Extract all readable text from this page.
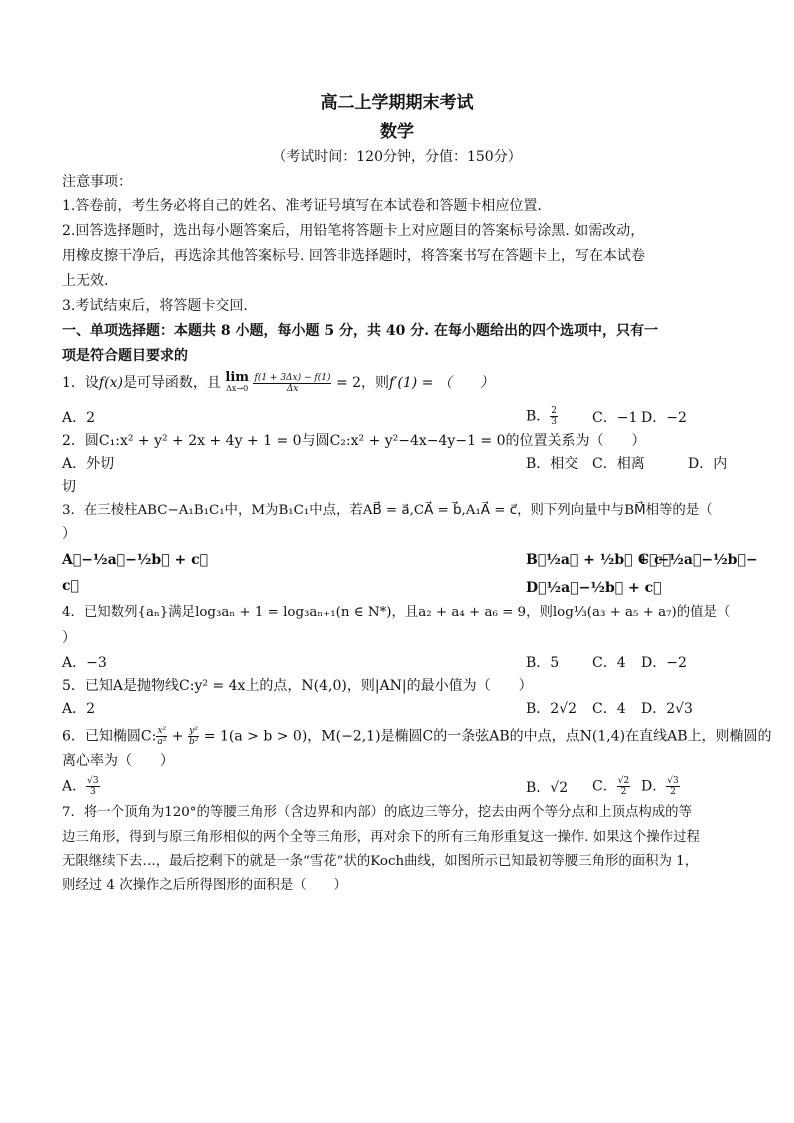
高二上学期期末考试
数学
（考试时间：120分钟，分值：150分）
注意事项：
1.答卷前，考生务必将自己的姓名、准考证号填写在本试卷和答题卡相应位置.
2.回答选择题时，选出每小题答案后，用铅笔将答题卡上对应题目的答案标号涂黑. 如需改动，
用橡皮擦干净后，再选涂其他答案标号. 回答非选择题时，将答案书写在答题卡上，写在本试卷
上无效.
3.考试结束后，将答题卡交回.
一、单项选择题：本题共 8 小题，每小题 5 分，共 40 分. 在每小题给出的四个选项中，只有一
项是符合题目要求的
1．设f(x)是可导函数，且 lim
Δx→0
$\frac{f(1 + 3\Delta x) - f(1)}{\Delta x} = 2$，则f′(1) = （　　）
A．2	B． $\frac{2}{3}$ C．−1 D．−2
2．圆C₁:x² + y² + 2x + 4y + 1 = 0与圆C₂:x² + y²−4x−4y−1 = 0的位置关系为（　　）
A．外切	B．相交 C．相离	D．内
切
3．在三棱柱ABC−A₁B₁C₁中，M为B₁C₁中点，若AB⃗ = a⃗,CA⃗ = b⃗,A₁A⃗ = c⃗，则下列向量中与BM⃗相等的是（
）
A．−½a⃗−½b⃗ + c⃗	B．½a⃗ + ½b⃗ + c⃗
C．−½a⃗−½b⃗−
c⃗	D．½a⃗−½b⃗ + c⃗
4．已知数列{aₙ}满足log₃aₙ + 1 = log₃aₙ₊₁(n ∈ N*)，且a₂ + a₄ + a₆ = 9，则log⅓(a₃ + a₅ + a₇)的值是（
）
A．−3	B．5 C．4 D．−2
5．已知A是抛物线C:y² = 4x上的点，N(4,0)，则|AN|的最小值为（　　）
A．2	B．2√2 C．4 D．2√3
6．已知椭圆C: $\frac{\text{x²}}{\text{a²}} + \frac{\text{y²}}{\text{b²}} = 1(a > b > 0)$，M(−2,1)是椭圆C的一条弦AB的中点，点N(1,4)在直线AB上，则椭圆的
离心率为（　　）
A． $\frac{√3}{3}$	B．√2 C． $\frac{√2}{2}$ D． $\frac{√3}{2}$
7．将一个顶角为120°的等腰三角形（含边界和内部）的底边三等分，挖去由两个等分点和上顶点构成的等
边三角形，得到与原三角形相似的两个全等三角形，再对余下的所有三角形重复这一操作. 如果这个操作过程
无限继续下去…，最后挖剩下的就是一条“雪花”状的Koch曲线，如图所示已知最初等腰三角形的面积为 1，
则经过 4 次操作之后所得图形的面积是（　　）
